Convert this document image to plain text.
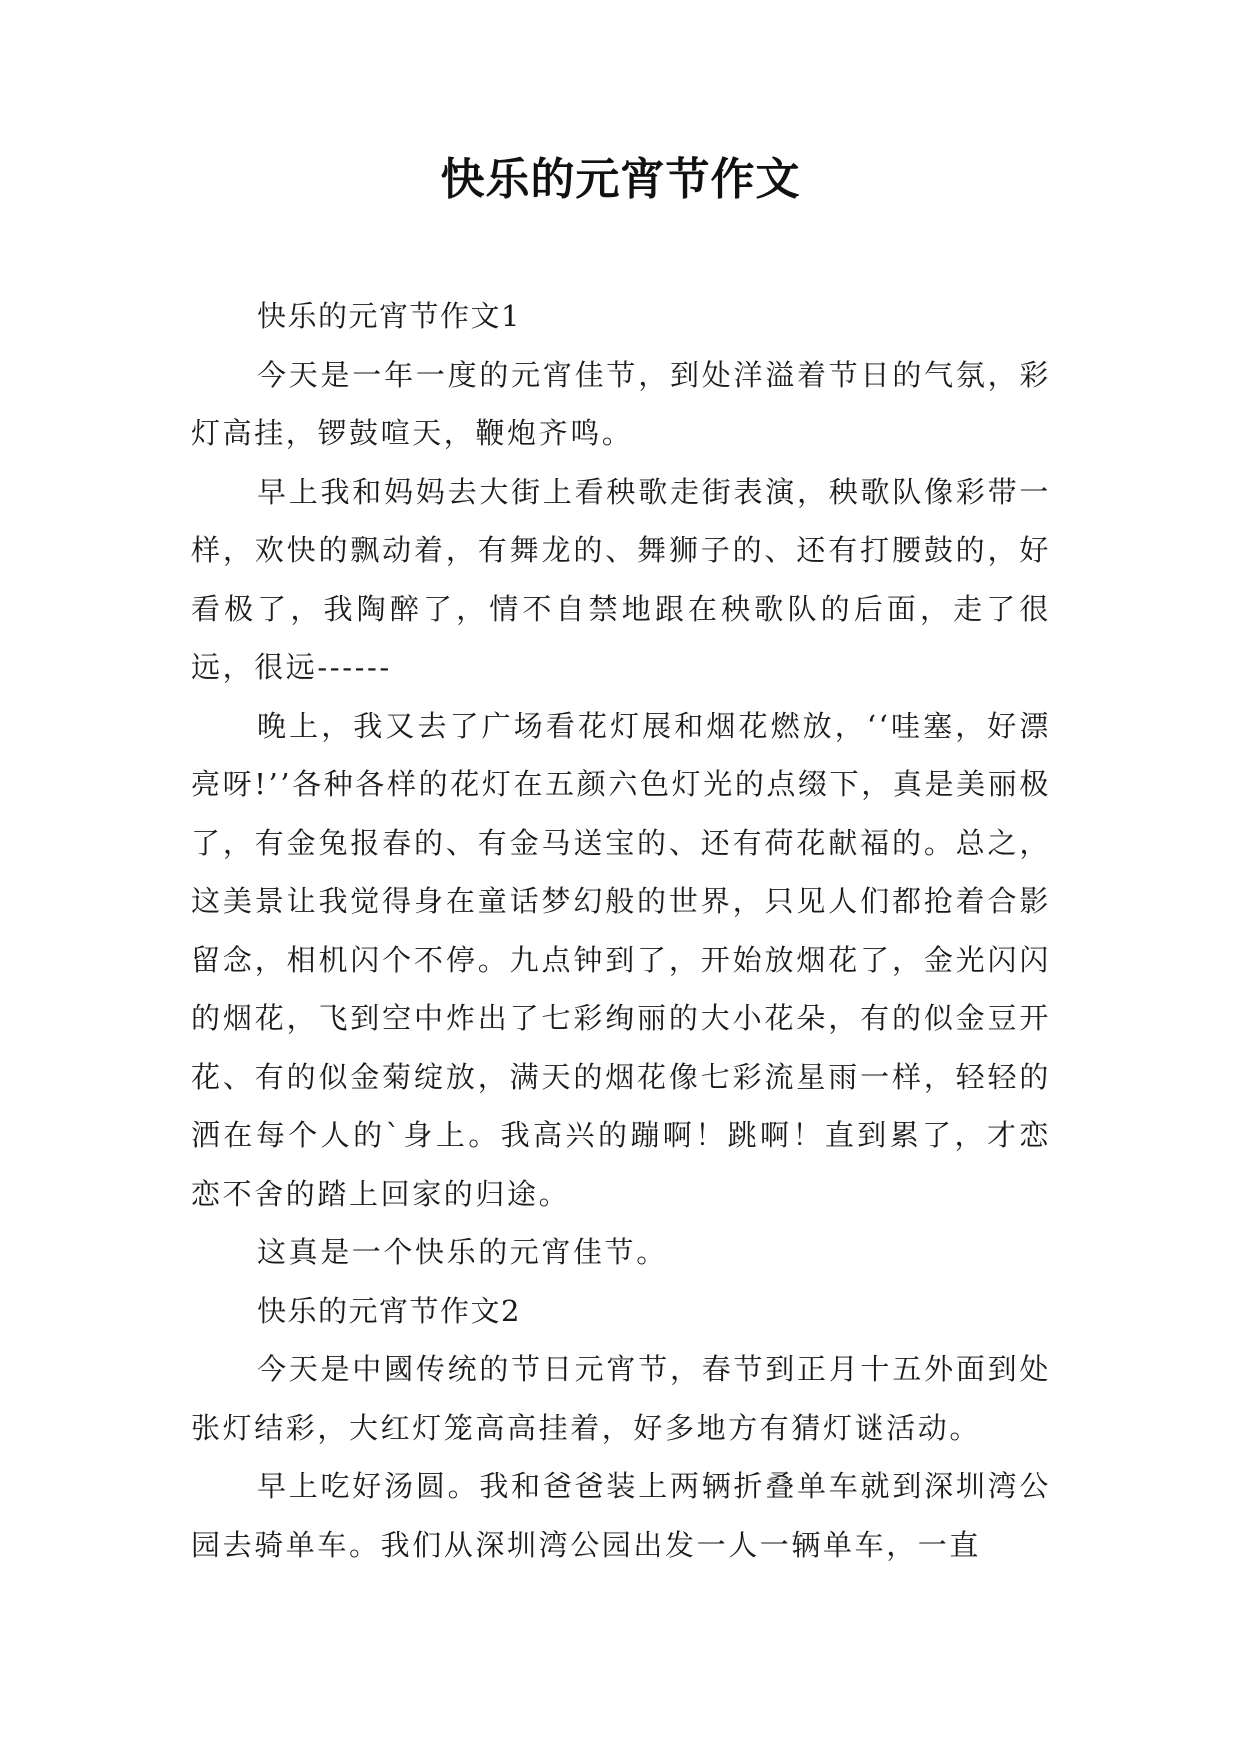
快乐的元宵节作文

快乐的元宵节作文1

今天是一年一度的元宵佳节，到处洋溢着节日的气氛，彩灯高挂，锣鼓喧天，鞭炮齐鸣。

早上我和妈妈去大街上看秧歌走街表演，秧歌队像彩带一样，欢快的飘动着，有舞龙的、舞狮子的、还有打腰鼓的，好看极了，我陶醉了，情不自禁地跟在秧歌队的后面，走了很远，很远------

晚上，我又去了广场看花灯展和烟花燃放，‘‘哇塞，好漂亮呀!’’各种各样的花灯在五颜六色灯光的点缀下，真是美丽极了，有金兔报春的、有金马送宝的、还有荷花献福的。总之，这美景让我觉得身在童话梦幻般的世界，只见人们都抢着合影留念，相机闪个不停。九点钟到了，开始放烟花了，金光闪闪的烟花，飞到空中炸出了七彩绚丽的大小花朵，有的似金豆开花、有的似金菊绽放，满天的烟花像七彩流星雨一样，轻轻的洒在每个人的`身上。我高兴的蹦啊！跳啊！直到累了，才恋恋不舍的踏上回家的归途。

这真是一个快乐的元宵佳节。

快乐的元宵节作文2

今天是中國传统的节日元宵节，春节到正月十五外面到处张灯结彩，大红灯笼高高挂着，好多地方有猜灯谜活动。

早上吃好汤圆。我和爸爸装上两辆折叠单车就到深圳湾公园去骑单车。我们从深圳湾公园出发一人一辆单车，一直
